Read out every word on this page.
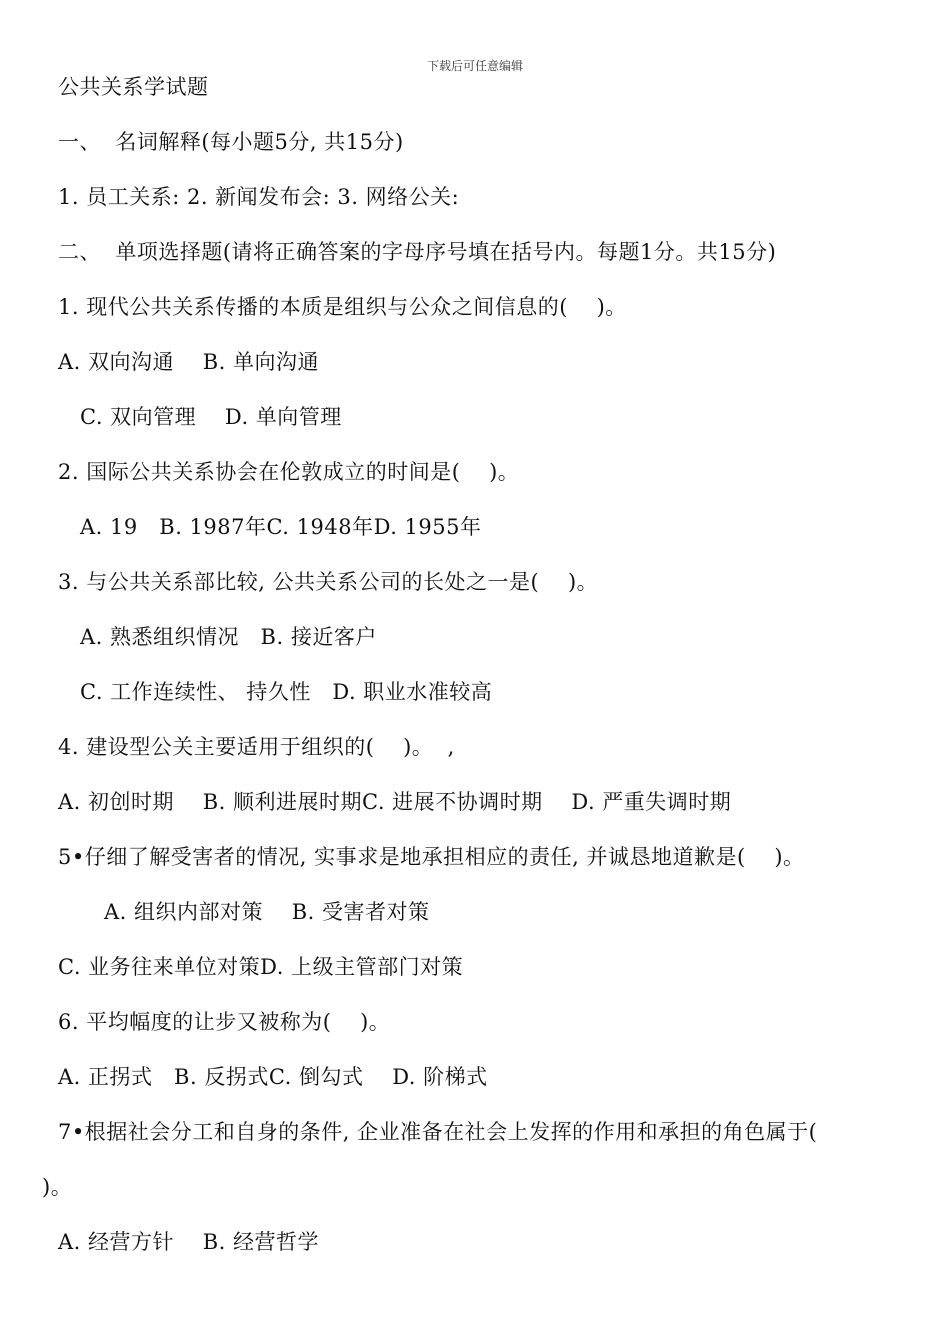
下载后可任意编辑
公共关系学试题
一、  名词解释(每小题5分, 共15分)
1. 员工关系: 2. 新闻发布会: 3. 网络公关:
二、  单项选择题(请将正确答案的字母序号填在括号内。每题1分。共15分)
1. 现代公共关系传播的本质是组织与公众之间信息的(    )。
A. 双向沟通    B. 单向沟通
C. 双向管理    D. 单向管理
2. 国际公共关系协会在伦敦成立的时间是(    )。
A. 19   B. 1987年C. 1948年D. 1955年
3. 与公共关系部比较, 公共关系公司的长处之一是(    )。
A. 熟悉组织情况   B. 接近客户
C. 工作连续性、 持久性   D. 职业水准较高
4. 建设型公关主要适用于组织的(    )。  ,
A. 初创时期    B. 顺利进展时期C. 进展不协调时期    D. 严重失调时期
5•仔细了解受害者的情况, 实事求是地承担相应的责任, 并诚恳地道歉是(    )。
A. 组织内部对策    B. 受害者对策
C. 业务往来单位对策D. 上级主管部门对策
6. 平均幅度的让步又被称为(    )。
A. 正拐式   B. 反拐式C. 倒勾式    D. 阶梯式
7•根据社会分工和自身的条件, 企业准备在社会上发挥的作用和承担的角色属于(
)。
A. 经营方针    B. 经营哲学
